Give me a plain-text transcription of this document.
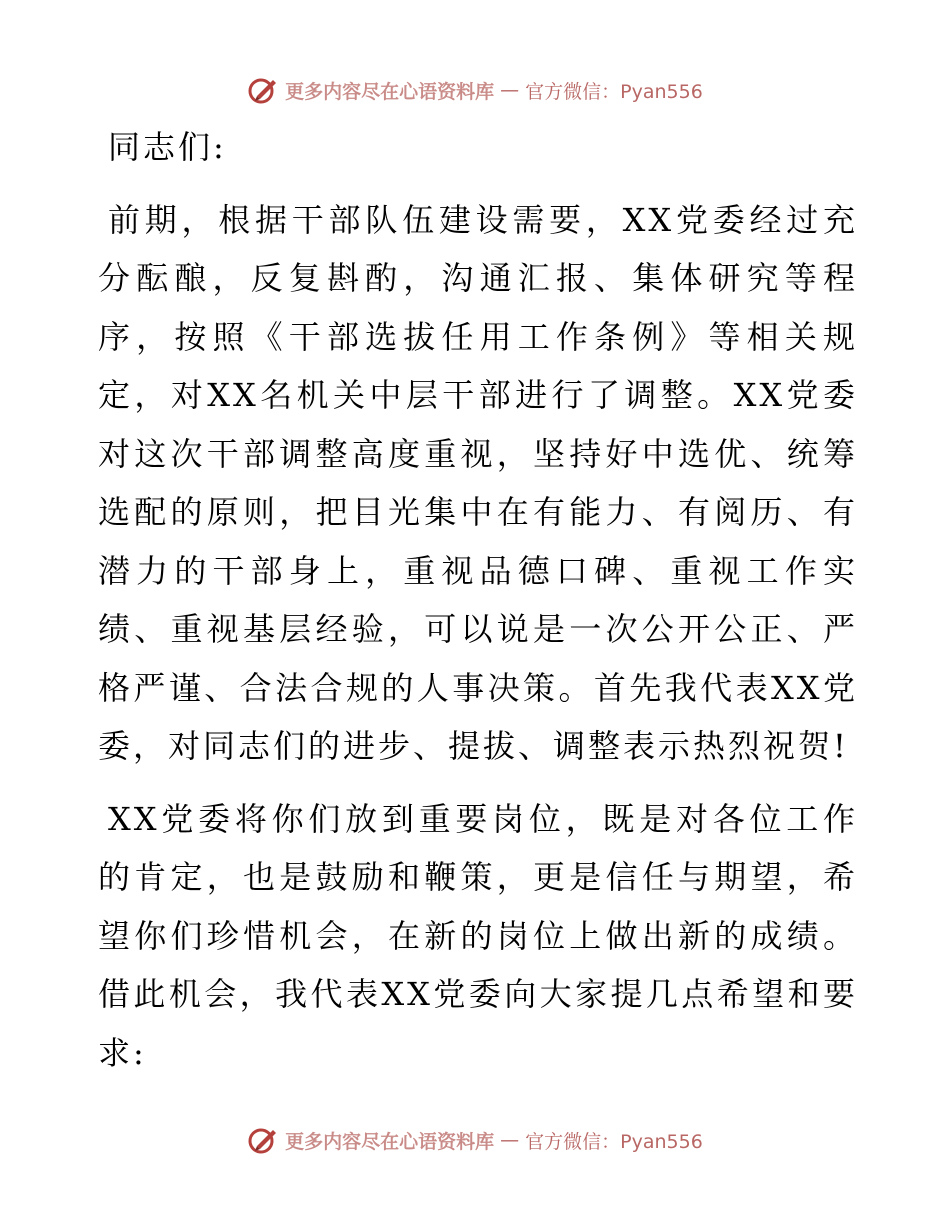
更多内容尽在心语资料库 — 官方微信：Pyan556

同志们:

前期，根据干部队伍建设需要，XX党委经过充分酝酿，反复斟酌，沟通汇报、集体研究等程序，按照《干部选拔任用工作条例》等相关规定，对XX名机关中层干部进行了调整。XX党委对这次干部调整高度重视，坚持好中选优、统筹选配的原则，把目光集中在有能力、有阅历、有潜力的干部身上，重视品德口碑、重视工作实绩、重视基层经验，可以说是一次公开公正、严格严谨、合法合规的人事决策。首先我代表XX党委，对同志们的进步、提拔、调整表示热烈祝贺!

XX党委将你们放到重要岗位，既是对各位工作的肯定，也是鼓励和鞭策，更是信任与期望，希望你们珍惜机会，在新的岗位上做出新的成绩。借此机会，我代表XX党委向大家提几点希望和要求:

更多内容尽在心语资料库 — 官方微信：Pyan556
